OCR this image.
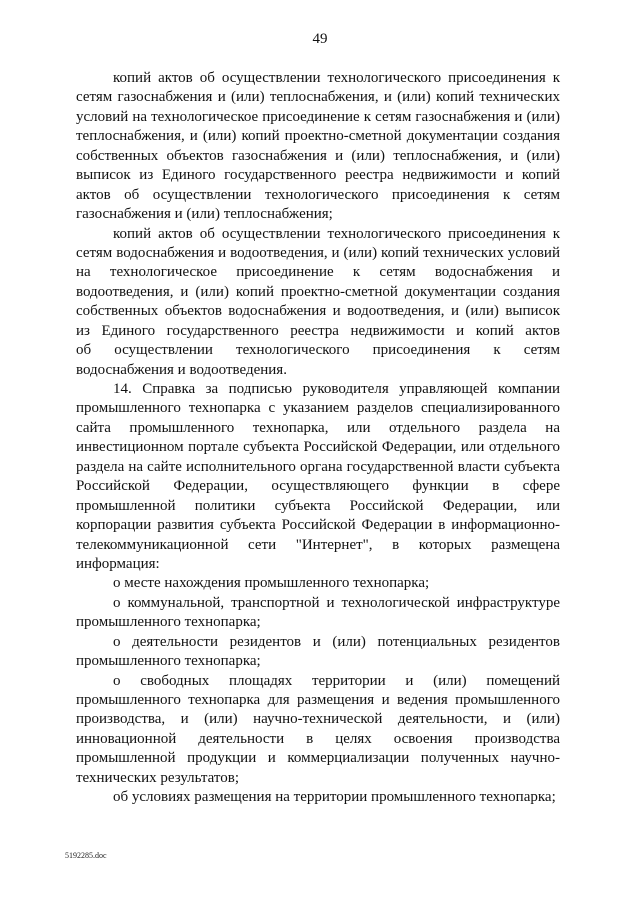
49
копий актов об осуществлении технологического присоединения к
сетям газоснабжения и (или) теплоснабжения, и (или) копий технических
условий на технологическое присоединение к сетям газоснабжения и (или)
теплоснабжения, и (или) копий проектно-сметной документации создания
собственных объектов газоснабжения и (или) теплоснабжения, и (или)
выписок из Единого государственного реестра недвижимости и копий
актов об осуществлении технологического присоединения к сетям
газоснабжения и (или) теплоснабжения;
копий актов об осуществлении технологического присоединения к
сетям водоснабжения и водоотведения, и (или) копий технических условий
на технологическое присоединение к сетям водоснабжения и
водоотведения, и (или) копий проектно-сметной документации создания
собственных объектов водоснабжения и водоотведения, и (или) выписок
из Единого государственного реестра недвижимости и копий актов
об осуществлении технологического присоединения к сетям
водоснабжения и водоотведения.
14. Справка за подписью руководителя управляющей компании
промышленного технопарка с указанием разделов специализированного
сайта промышленного технопарка, или отдельного раздела на
инвестиционном портале субъекта Российской Федерации, или отдельного
раздела на сайте исполнительного органа государственной власти субъекта
Российской Федерации, осуществляющего функции в сфере
промышленной политики субъекта Российской Федерации, или
корпорации развития субъекта Российской Федерации в информационно-
телекоммуникационной сети "Интернет", в которых размещена
информация:
о месте нахождения промышленного технопарка;
о коммунальной, транспортной и технологической инфраструктуре
промышленного технопарка;
о деятельности резидентов и (или) потенциальных резидентов
промышленного технопарка;
о свободных площадях территории и (или) помещений
промышленного технопарка для размещения и ведения промышленного
производства, и (или) научно-технической деятельности, и (или)
инновационной деятельности в целях освоения производства
промышленной продукции и коммерциализации полученных научно-
технических результатов;
об условиях размещения на территории промышленного технопарка;
5192285.doc
